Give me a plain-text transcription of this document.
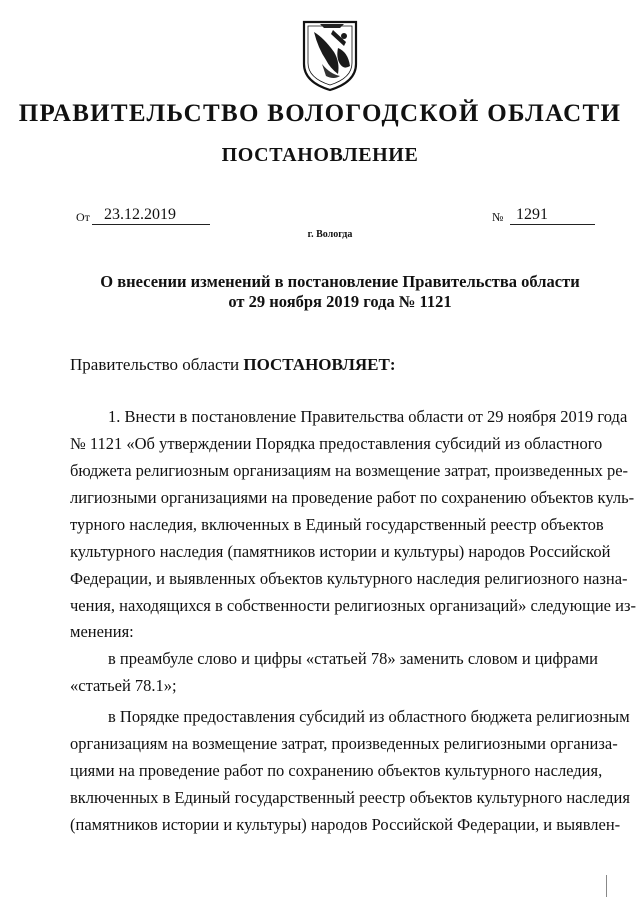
ПРАВИТЕЛЬСТВО ВОЛОГОДСКОЙ ОБЛАСТИ
ПОСТАНОВЛЕНИЕ
От 23.12.2019	№ 1291
г. Вологда
О внесении изменений в постановление Правительства области
от 29 ноября 2019 года № 1121
Правительство области ПОСТАНОВЛЯЕТ:
1. Внести в постановление Правительства области от 29 ноября 2019 года
№ 1121 «Об утверждении Порядка предоставления субсидий из областного
бюджета религиозным организациям на возмещение затрат, произведенных ре-
лигиозными организациями на проведение работ по сохранению объектов куль-
турного наследия, включенных в Единый государственный реестр объектов
культурного наследия (памятников истории и культуры) народов Российской
Федерации, и выявленных объектов культурного наследия религиозного назна-
чения, находящихся в собственности религиозных организаций» следующие из-
менения:
в преамбуле слово и цифры «статьей 78» заменить словом и цифрами
«статьей 78.1»;
в Порядке предоставления субсидий из областного бюджета религиозным
организациям на возмещение затрат, произведенных религиозными организа-
циями на проведение работ по сохранению объектов культурного наследия,
включенных в Единый государственный реестр объектов культурного наследия
(памятников истории и культуры) народов Российской Федерации, и выявлен-
